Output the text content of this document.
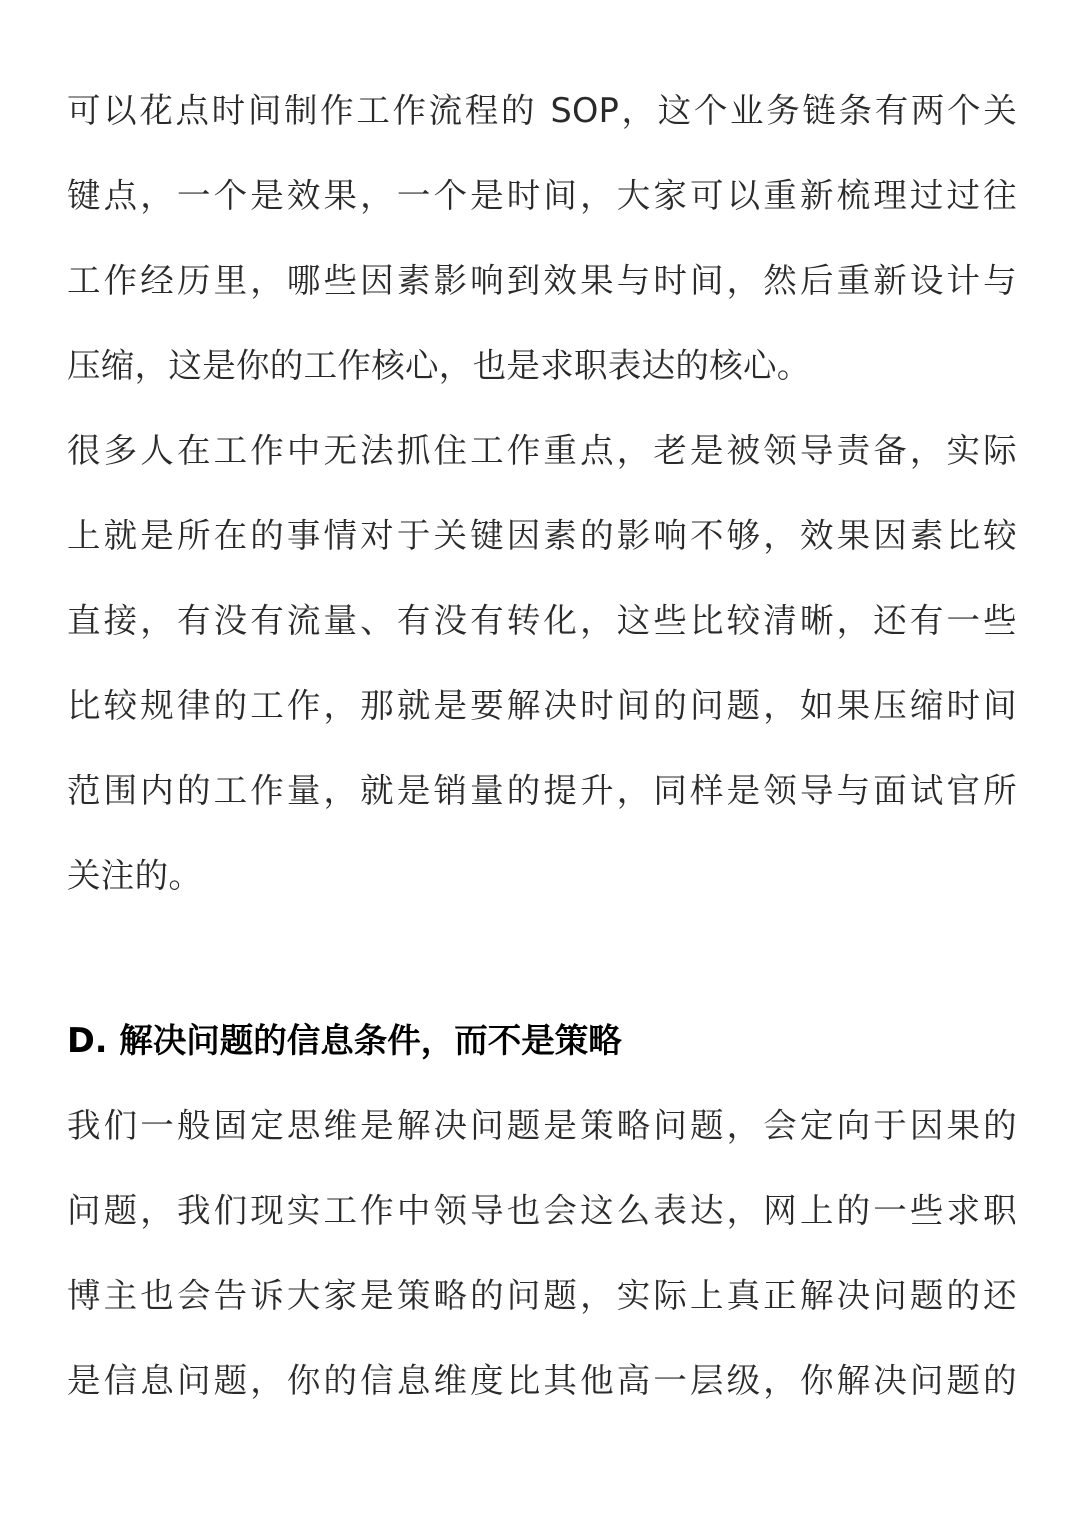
可以花点时间制作工作流程的 SOP，这个业务链条有两个关
键点，一个是效果，一个是时间，大家可以重新梳理过过往
工作经历里，哪些因素影响到效果与时间，然后重新设计与
压缩，这是你的工作核心，也是求职表达的核心。
很多人在工作中无法抓住工作重点，老是被领导责备，实际
上就是所在的事情对于关键因素的影响不够，效果因素比较
直接，有没有流量、有没有转化，这些比较清晰，还有一些
比较规律的工作，那就是要解决时间的问题，如果压缩时间
范围内的工作量，就是销量的提升，同样是领导与面试官所
关注的。
D. 解决问题的信息条件，而不是策略
我们一般固定思维是解决问题是策略问题，会定向于因果的
问题，我们现实工作中领导也会这么表达，网上的一些求职
博主也会告诉大家是策略的问题，实际上真正解决问题的还
是信息问题，你的信息维度比其他高一层级，你解决问题的
